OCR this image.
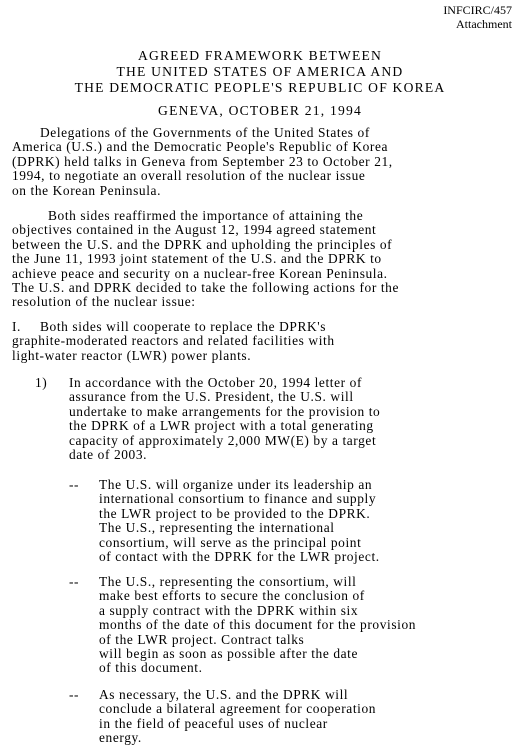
INFCIRC/457
Attachment
AGREED FRAMEWORK BETWEEN
THE UNITED STATES OF AMERICA AND
THE DEMOCRATIC PEOPLE'S REPUBLIC OF KOREA
GENEVA, OCTOBER 21, 1994
Delegations of the Governments of the United States of
America (U.S.) and the Democratic People's Republic of Korea
(DPRK) held talks in Geneva from September 23 to October 21,
1994, to negotiate an overall resolution of the nuclear issue
on the Korean Peninsula.
Both sides reaffirmed the importance of attaining the
objectives contained in the August 12, 1994 agreed statement
between the U.S. and the DPRK and upholding the principles of
the June 11, 1993 joint statement of the U.S. and the DPRK to
achieve peace and security on a nuclear-free Korean Peninsula.
The U.S. and DPRK decided to take the following actions for the
resolution of the nuclear issue:
I.	Both sides will cooperate to replace the DPRK's
graphite-moderated reactors and related facilities with
light-water reactor (LWR) power plants.
1) In accordance with the October 20, 1994 letter of
assurance from the U.S. President, the U.S. will
undertake to make arrangements for the provision to
the DPRK of a LWR project with a total generating
capacity of approximately 2,000 MW(E) by a target
date of 2003.
-- The U.S. will organize under its leadership an
international consortium to finance and supply
the LWR project to be provided to the DPRK.
The U.S., representing the international
consortium, will serve as the principal point
of contact with the DPRK for the LWR project.
-- The U.S., representing the consortium, will
make best efforts to secure the conclusion of
a supply contract with the DPRK within six
months of the date of this document for the provision
of the LWR project. Contract talks
will begin as soon as possible after the date
of this document.
-- As necessary, the U.S. and the DPRK will
conclude a bilateral agreement for cooperation
in the field of peaceful uses of nuclear
energy.
